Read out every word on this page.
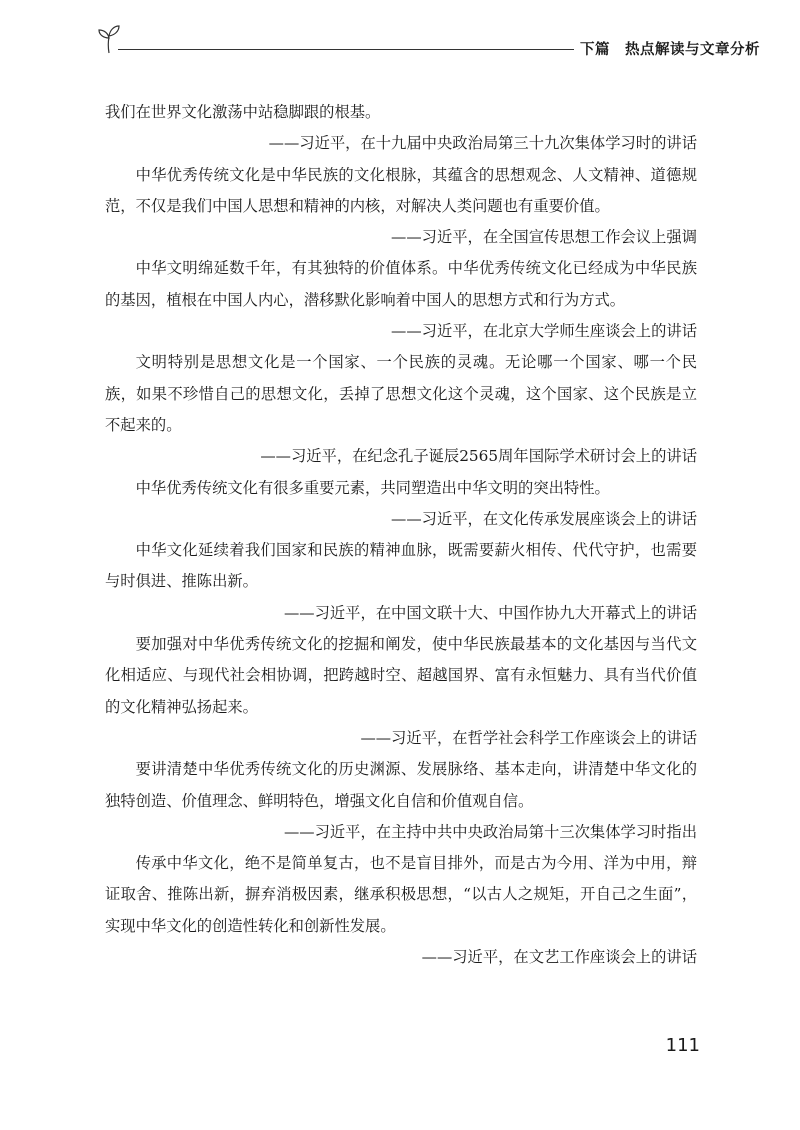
下篇　热点解读与文章分析

我们在世界文化激荡中站稳脚跟的根基。

——习近平，在十九届中央政治局第三十九次集体学习时的讲话

中华优秀传统文化是中华民族的文化根脉，其蕴含的思想观念、人文精神、道德规范，不仅是我们中国人思想和精神的内核，对解决人类问题也有重要价值。

——习近平，在全国宣传思想工作会议上强调

中华文明绵延数千年，有其独特的价值体系。中华优秀传统文化已经成为中华民族的基因，植根在中国人内心，潜移默化影响着中国人的思想方式和行为方式。

——习近平，在北京大学师生座谈会上的讲话

文明特别是思想文化是一个国家、一个民族的灵魂。无论哪一个国家、哪一个民族，如果不珍惜自己的思想文化，丢掉了思想文化这个灵魂，这个国家、这个民族是立不起来的。

——习近平，在纪念孔子诞辰2565周年国际学术研讨会上的讲话

中华优秀传统文化有很多重要元素，共同塑造出中华文明的突出特性。

——习近平，在文化传承发展座谈会上的讲话

中华文化延续着我们国家和民族的精神血脉，既需要薪火相传、代代守护，也需要与时俱进、推陈出新。

——习近平，在中国文联十大、中国作协九大开幕式上的讲话

要加强对中华优秀传统文化的挖掘和阐发，使中华民族最基本的文化基因与当代文化相适应、与现代社会相协调，把跨越时空、超越国界、富有永恒魅力、具有当代价值的文化精神弘扬起来。

——习近平，在哲学社会科学工作座谈会上的讲话

要讲清楚中华优秀传统文化的历史渊源、发展脉络、基本走向，讲清楚中华文化的独特创造、价值理念、鲜明特色，增强文化自信和价值观自信。

——习近平，在主持中共中央政治局第十三次集体学习时指出

传承中华文化，绝不是简单复古，也不是盲目排外，而是古为今用、洋为中用，辩证取舍、推陈出新，摒弃消极因素，继承积极思想，“以古人之规矩，开自己之生面”，实现中华文化的创造性转化和创新性发展。

——习近平，在文艺工作座谈会上的讲话

111
